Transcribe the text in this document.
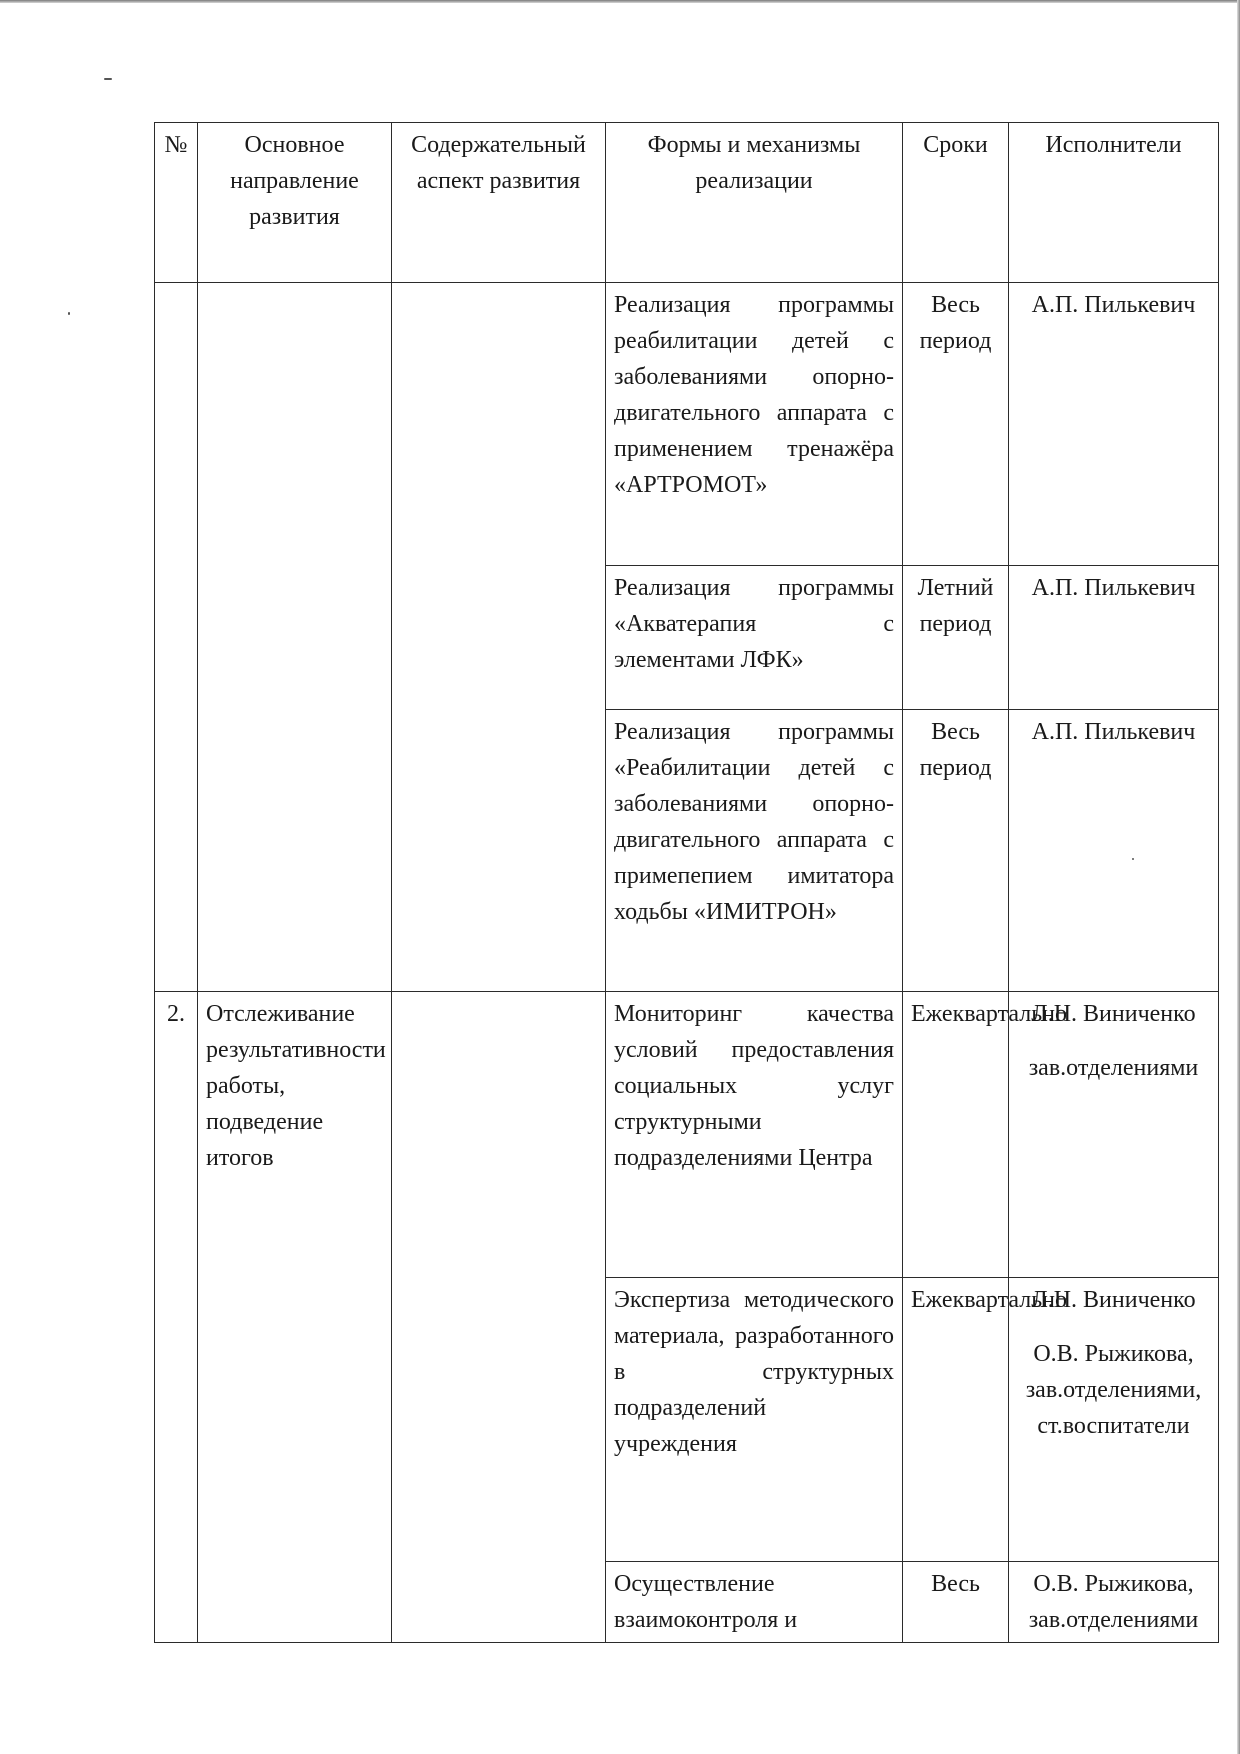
№	Основное направление развития	Содержательный аспект развития	Формы и механизмы реализации	Сроки	Исполнители
			Реализация программы реабилитации детей с заболеваниями опорно-двигательного аппарата с применением тренажёра «АРТРОМОТ»	Весь период	А.П. Пилькевич

			Реализация программы «Акватерапия с элементами ЛФК»	Летний период	А.П. Пилькевич

			Реализация программы «Реабилитации детей с заболеваниями опорно-двигательного аппарата с примепепием имитатора ходьбы «ИМИТРОН»	Весь период	А.П. Пилькевич

2.	Отслеживание результативности работы, подведение итогов		Мониторинг качества условий предоставления социальных услуг структурными подразделениями Центра	Ежеквартально	Л.Н. Виниченко
зав.отделениями

			Экспертиза методического материала, разработанного в структурных подразделений учреждения	Ежеквартально	Л.Н. Виниченко
О.В. Рыжикова, зав.отделениями, ст.воспитатели

			Осуществление взаимоконтроля и	Весь	О.В. Рыжикова, зав.отделениями
